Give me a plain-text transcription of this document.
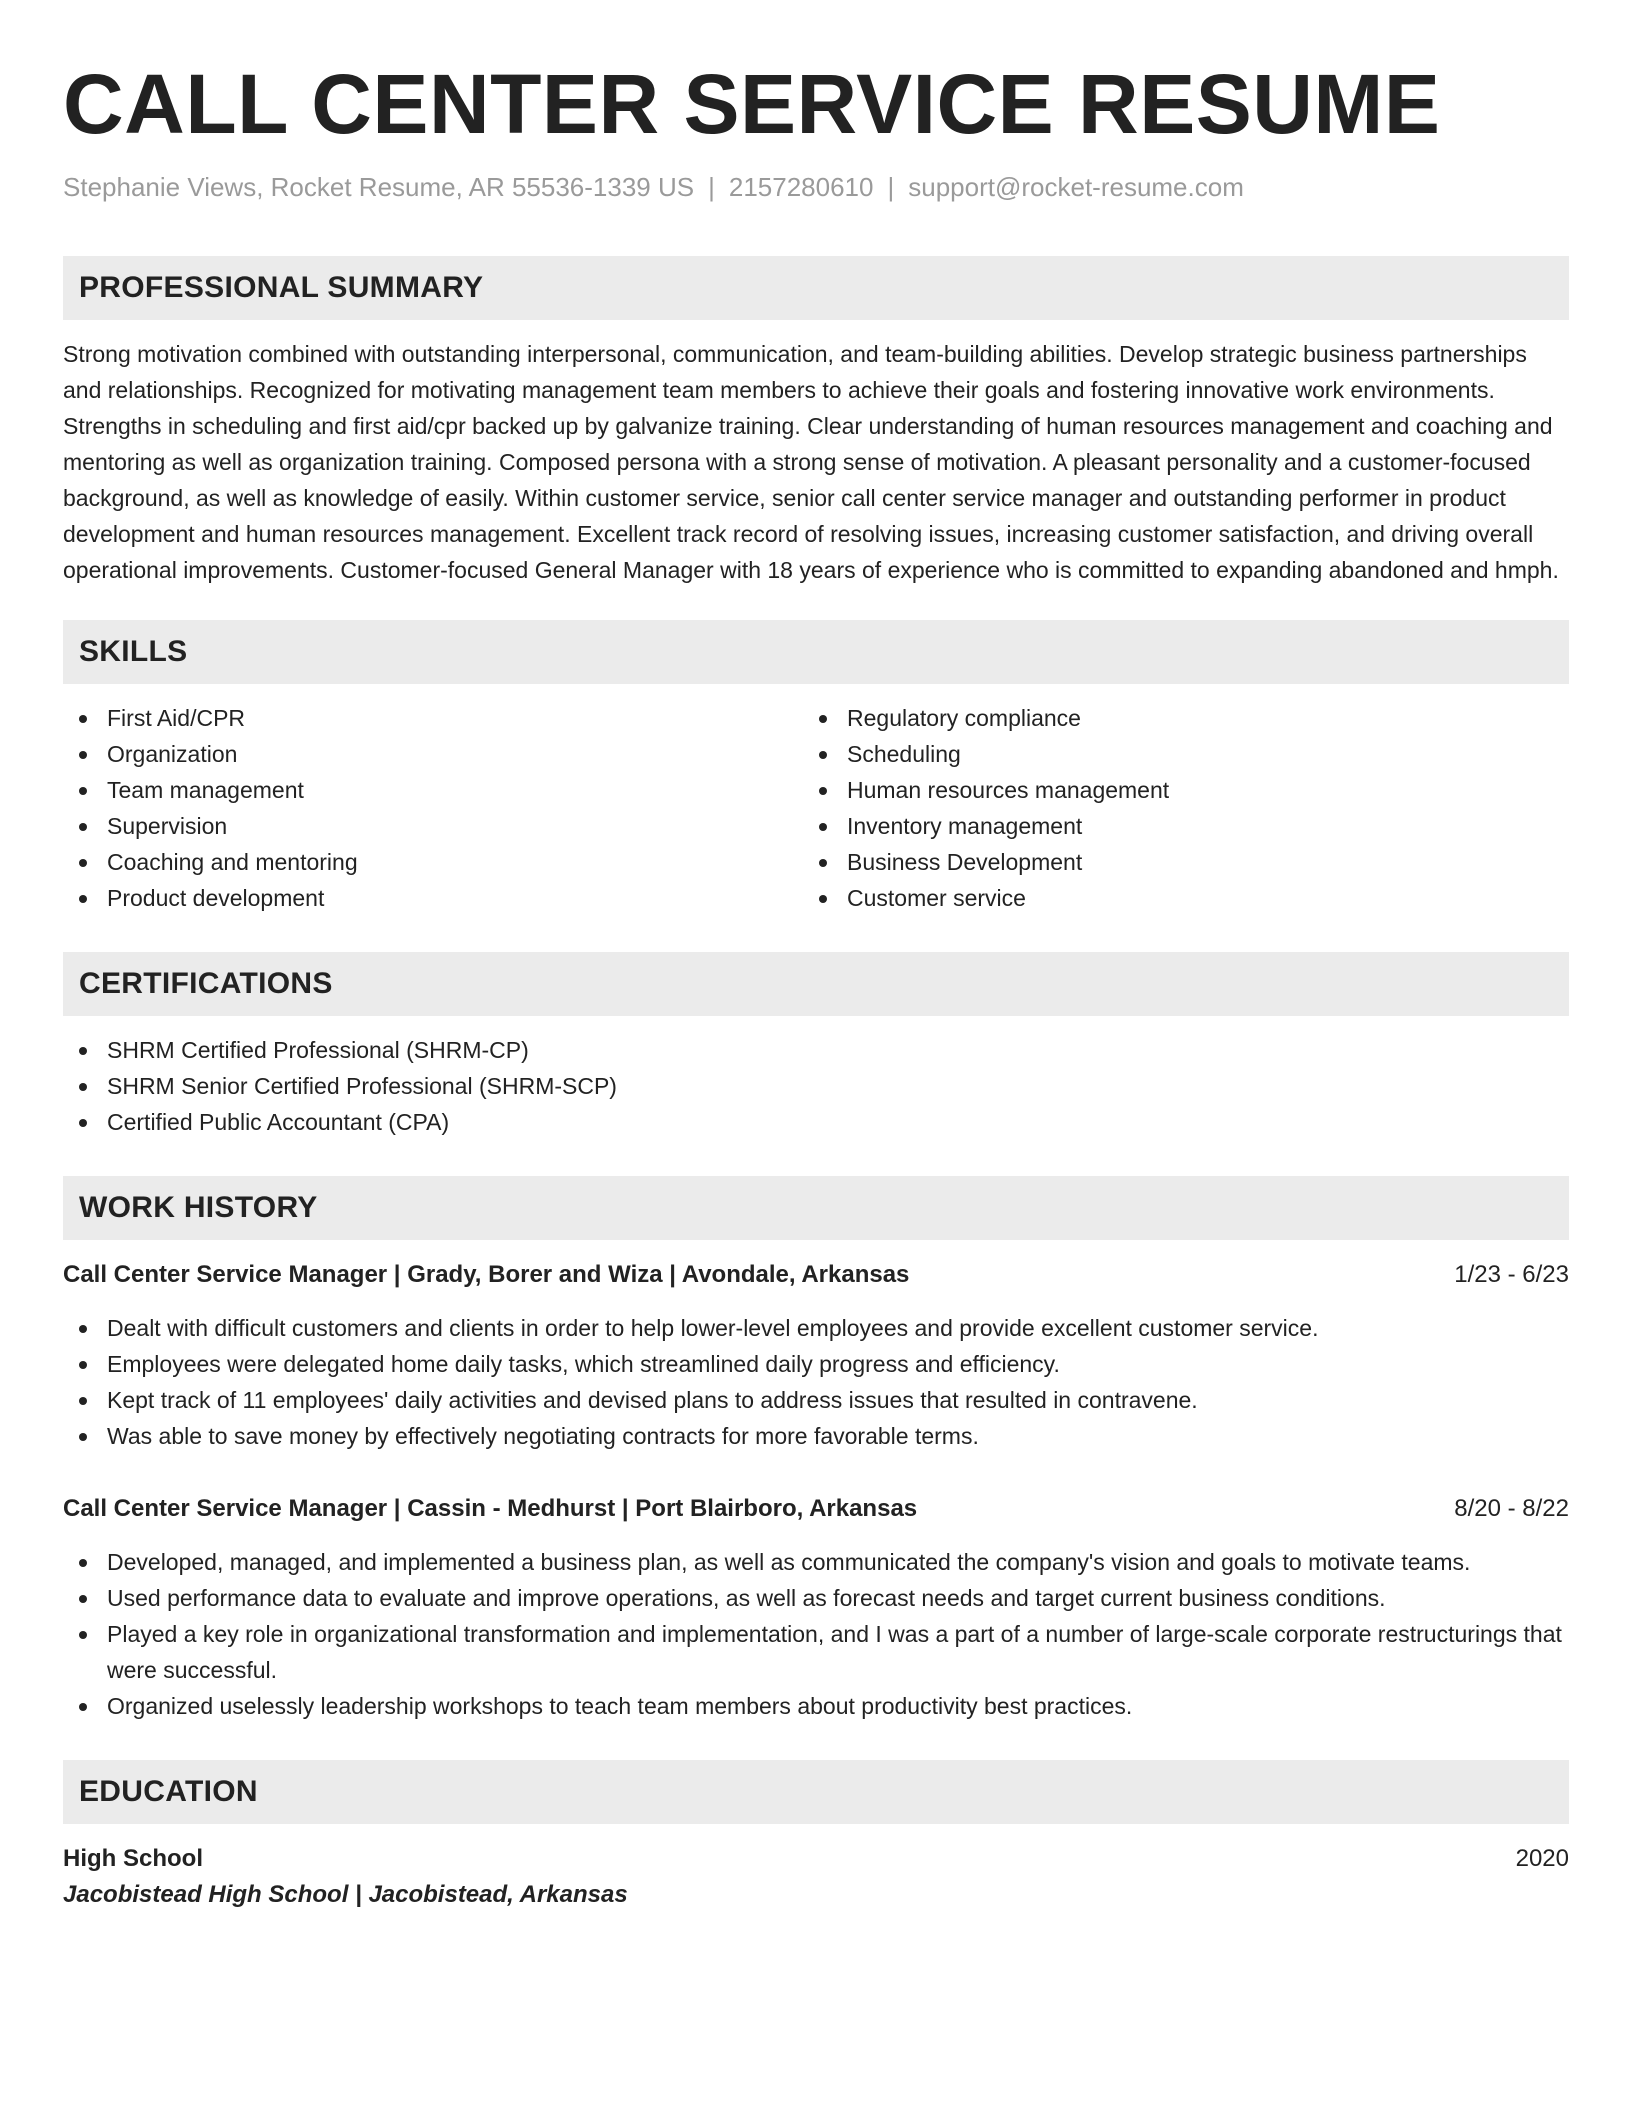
CALL CENTER SERVICE RESUME
Stephanie Views, Rocket Resume, AR 55536-1339 US | 2157280610 | support@rocket-resume.com
PROFESSIONAL SUMMARY

Strong motivation combined with outstanding interpersonal, communication, and team-building abilities. Develop strategic business partnerships and relationships. Recognized for motivating management team members to achieve their goals and fostering innovative work environments. Strengths in scheduling and first aid/cpr backed up by galvanize training. Clear understanding of human resources management and coaching and mentoring as well as organization training. Composed persona with a strong sense of motivation. A pleasant personality and a customer-focused background, as well as knowledge of easily. Within customer service, senior call center service manager and outstanding performer in product development and human resources management. Excellent track record of resolving issues, increasing customer satisfaction, and driving overall operational improvements. Customer-focused General Manager with 18 years of experience who is committed to expanding abandoned and hmph.

SKILLS
First Aid/CPR
Organization
Team management
Supervision
Coaching and mentoring
Product development
Regulatory compliance
Scheduling
Human resources management
Inventory management
Business Development
Customer service
CERTIFICATIONS
SHRM Certified Professional (SHRM-CP)
SHRM Senior Certified Professional (SHRM-SCP)
Certified Public Accountant (CPA)
WORK HISTORY
Call Center Service Manager | Grady, Borer and Wiza | Avondale, Arkansas	1/23 - 6/23
Dealt with difficult customers and clients in order to help lower-level employees and provide excellent customer service.
Employees were delegated home daily tasks, which streamlined daily progress and efficiency.
Kept track of 11 employees' daily activities and devised plans to address issues that resulted in contravene.
Was able to save money by effectively negotiating contracts for more favorable terms.
Call Center Service Manager | Cassin - Medhurst | Port Blairboro, Arkansas	8/20 - 8/22
Developed, managed, and implemented a business plan, as well as communicated the company's vision and goals to motivate teams.
Used performance data to evaluate and improve operations, as well as forecast needs and target current business conditions.
Played a key role in organizational transformation and implementation, and I was a part of a number of large-scale corporate restructurings that were successful.
Organized uselessly leadership workshops to teach team members about productivity best practices.
EDUCATION
High School	2020
Jacobistead High School | Jacobistead, Arkansas
